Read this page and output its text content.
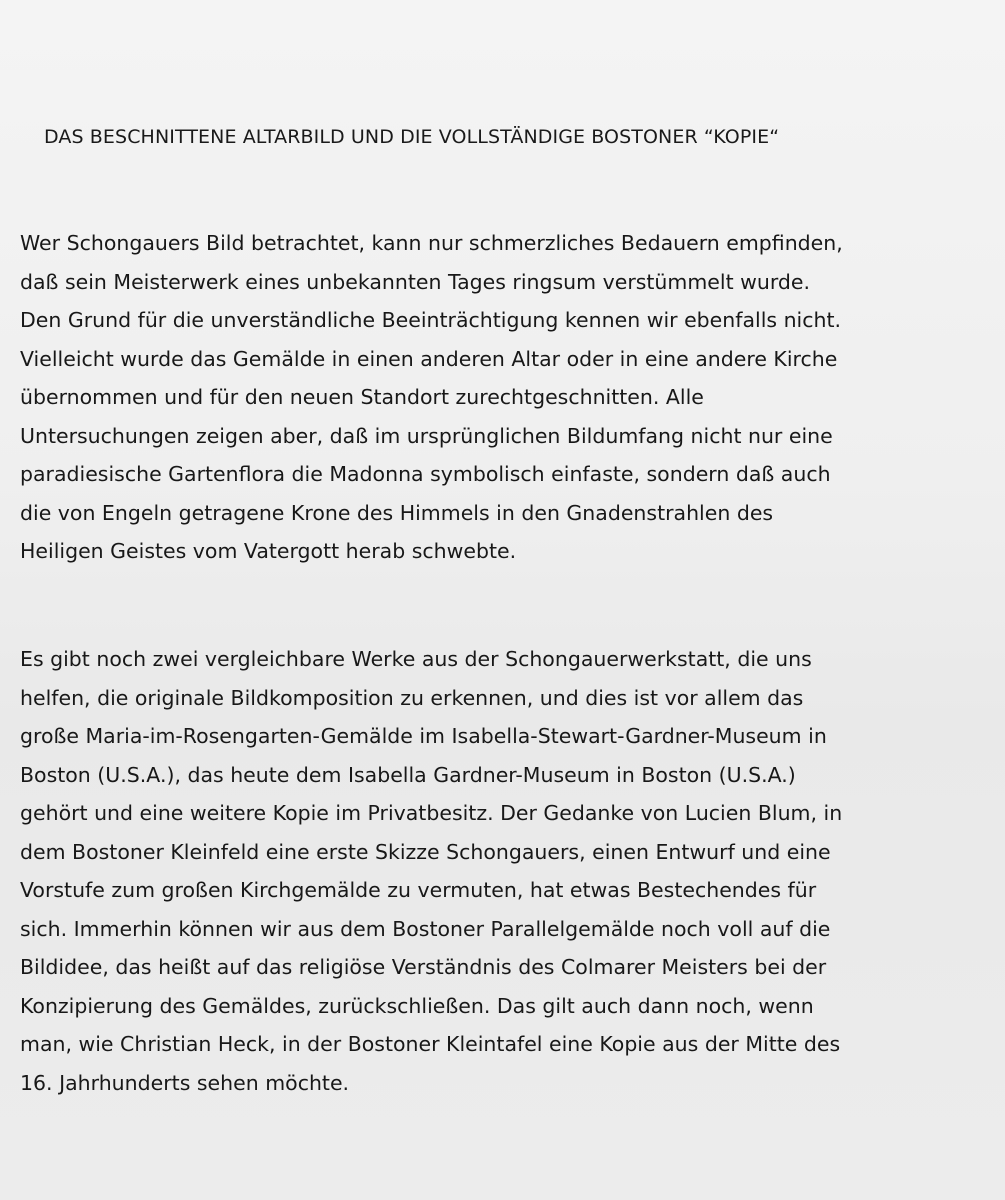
DAS BESCHNITTENE ALTARBILD UND DIE VOLLSTÄNDIGE BOSTONER “KOPIE“
Wer Schongauers Bild betrachtet, kann nur schmerzliches Bedauern empfinden,
daß sein Meisterwerk eines unbekannten Tages ringsum verstümmelt wurde.
Den Grund für die unverständliche Beeinträchtigung kennen wir ebenfalls nicht.
Vielleicht wurde das Gemälde in einen anderen Altar oder in eine andere Kirche
übernommen und für den neuen Standort zurechtgeschnitten. Alle
Untersuchungen zeigen aber, daß im ursprünglichen Bildumfang nicht nur eine
paradiesische Gartenflora die Madonna symbolisch einfaste, sondern daß auch
die von Engeln getragene Krone des Himmels in den Gnadenstrahlen des
Heiligen Geistes vom Vatergott herab schwebte.
Es gibt noch zwei vergleichbare Werke aus der Schongauerwerkstatt, die uns
helfen, die originale Bildkomposition zu erkennen, und dies ist vor allem das
große Maria-im-Rosengarten-Gemälde im Isabella-Stewart-Gardner-Museum in
Boston (U.S.A.), das heute dem Isabella Gardner-Museum in Boston (U.S.A.)
gehört und eine weitere Kopie im Privatbesitz. Der Gedanke von Lucien Blum, in
dem Bostoner Kleinfeld eine erste Skizze Schongauers, einen Entwurf und eine
Vorstufe zum großen Kirchgemälde zu vermuten, hat etwas Bestechendes für
sich. Immerhin können wir aus dem Bostoner Parallelgemälde noch voll auf die
Bildidee, das heißt auf das religiöse Verständnis des Colmarer Meisters bei der
Konzipierung des Gemäldes, zurückschließen. Das gilt auch dann noch, wenn
man, wie Christian Heck, in der Bostoner Kleintafel eine Kopie aus der Mitte des
16. Jahrhunderts sehen möchte.
